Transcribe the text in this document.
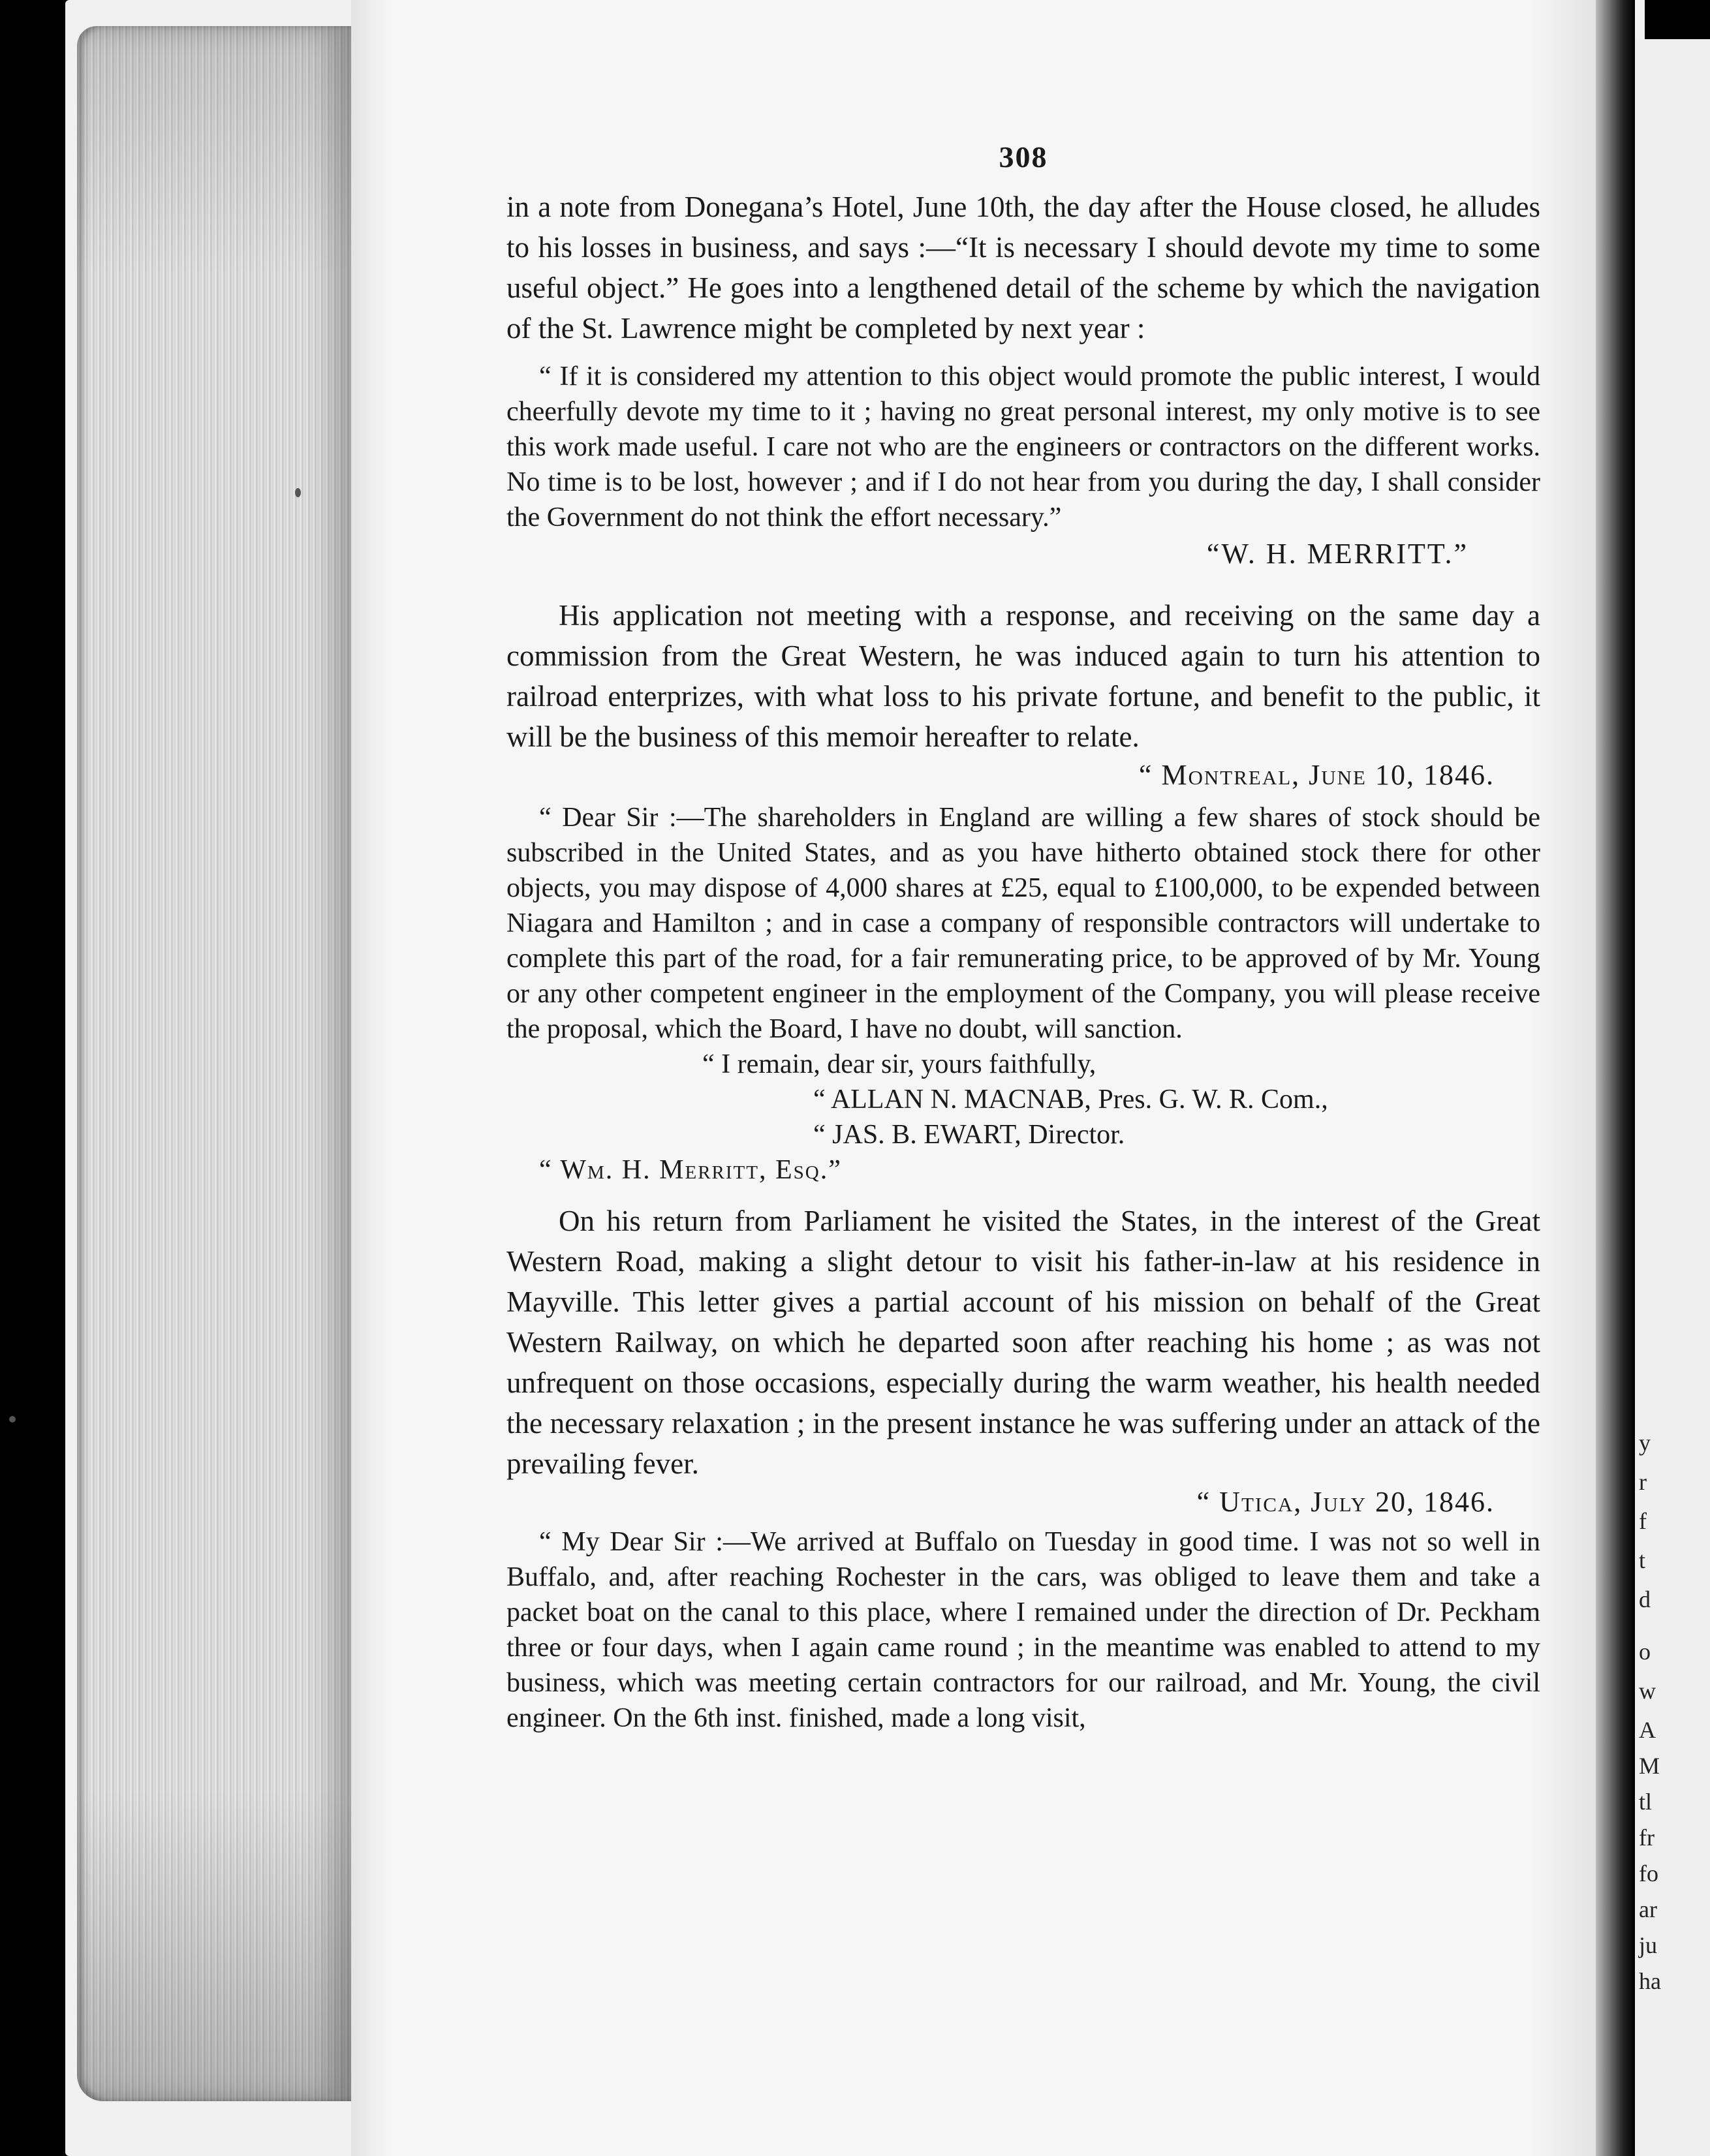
y
r
f
t
d
o
w
A
M
tl
fr
fo
ar
ju
ha
308

in a note from Donegana’s Hotel, June 10th, the day after the House closed, he alludes to his losses in business, and says :—“It is necessary I should devote my time to some useful object.” He goes into a lengthened detail of the scheme by which the navigation of the St. Lawrence might be completed by next year :

“ If it is considered my attention to this object would promote the public interest, I would cheerfully devote my time to it ; having no great personal interest, my only motive is to see this work made useful. I care not who are the engineers or contractors on the different works. No time is to be lost, however ; and if I do not hear from you during the day, I shall consider the Government do not think the effort necessary.”

“W. H. MERRITT.”

His application not meeting with a response, and receiving on the same day a commission from the Great Western, he was induced again to turn his attention to railroad enterprizes, with what loss to his private fortune, and benefit to the public, it will be the business of this memoir hereafter to relate.

“ Montreal, June 10, 1846.

“ Dear Sir :—The shareholders in England are willing a few shares of stock should be subscribed in the United States, and as you have hitherto obtained stock there for other objects, you may dispose of 4,000 shares at £25, equal to £100,000, to be expended between Niagara and Hamilton ; and in case a company of responsible contractors will undertake to complete this part of the road, for a fair remunerating price, to be approved of by Mr. Young or any other competent engineer in the employment of the Company, you will please receive the proposal, which the Board, I have no doubt, will sanction.

“ I remain, dear sir, yours faithfully,
“ ALLAN N. MACNAB, Pres. G. W. R. Com.,
“ JAS. B. EWART, Director.
“ Wm. H. Merritt, Esq.”

On his return from Parliament he visited the States, in the interest of the Great Western Road, making a slight detour to visit his father-in-law at his residence in Mayville. This letter gives a partial account of his mission on behalf of the Great Western Railway, on which he departed soon after reaching his home ; as was not unfrequent on those occasions, especially during the warm weather, his health needed the necessary relaxation ; in the present instance he was suffering under an attack of the prevailing fever.

“ Utica, July 20, 1846.

“ My Dear Sir :—We arrived at Buffalo on Tuesday in good time. I was not so well in Buffalo, and, after reaching Rochester in the cars, was obliged to leave them and take a packet boat on the canal to this place, where I remained under the direction of Dr. Peckham three or four days, when I again came round ; in the meantime was enabled to attend to my business, which was meeting certain contractors for our railroad, and Mr. Young, the civil engineer. On the 6th inst. finished, made a long visit,
